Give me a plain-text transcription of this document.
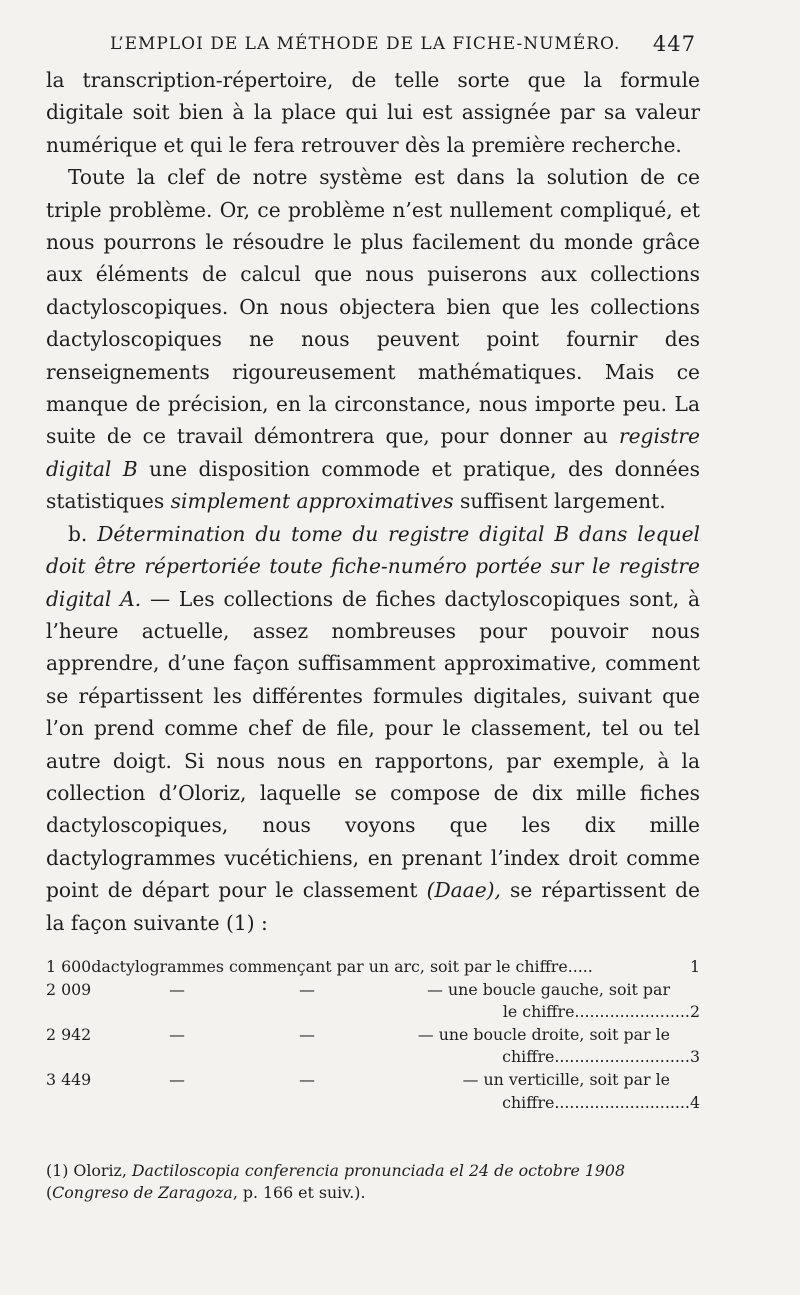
L’EMPLOI DE LA MÉTHODE DE LA FICHE-NUMÉRO. 447

la transcription-répertoire, de telle sorte que la formule digitale soit bien à la place qui lui est assignée par sa valeur numérique et qui le fera retrouver dès la première recherche.

Toute la clef de notre système est dans la solution de ce triple problème. Or, ce problème n’est nullement compliqué, et nous pourrons le résoudre le plus facilement du monde grâce aux éléments de calcul que nous puiserons aux collections dactyloscopiques. On nous objectera bien que les collections dactyloscopiques ne nous peuvent point fournir des renseignements rigoureusement mathématiques. Mais ce manque de précision, en la circonstance, nous importe peu. La suite de ce travail démontrera que, pour donner au registre digital B une disposition commode et pratique, des données statistiques simplement approximatives suffisent largement.

b. Détermination du tome du registre digital B dans lequel doit être répertoriée toute fiche-numéro portée sur le registre digital A. — Les collections de fiches dactyloscopiques sont, à l’heure actuelle, assez nombreuses pour pouvoir nous apprendre, d’une façon suffisamment approximative, comment se répartissent les différentes formules digitales, suivant que l’on prend comme chef de file, pour le classement, tel ou tel autre doigt. Si nous nous en rapportons, par exemple, à la collection d’Oloriz, laquelle se compose de dix mille fiches dactyloscopiques, nous voyons que les dix mille dactylogrammes vucétichiens, en prenant l’index droit comme point de départ pour le classement (Daae), se répartissent de la façon suivante (1) :

1 600dactylogrammes commençant par un arc, soit par le chiffre.....	1
2 009	—	—	— une boucle gauche, soit par
le chiffre....................... 2
2 942	—	—	— une boucle droite, soit par le
chiffre........................... 3
3 449	—	—	— un verticille, soit par le
chiffre........................... 4
(1) Oloriz, Dactiloscopia conferencia pronunciada el 24 de octobre 1908 (Congreso de Zaragoza, p. 166 et suiv.).
